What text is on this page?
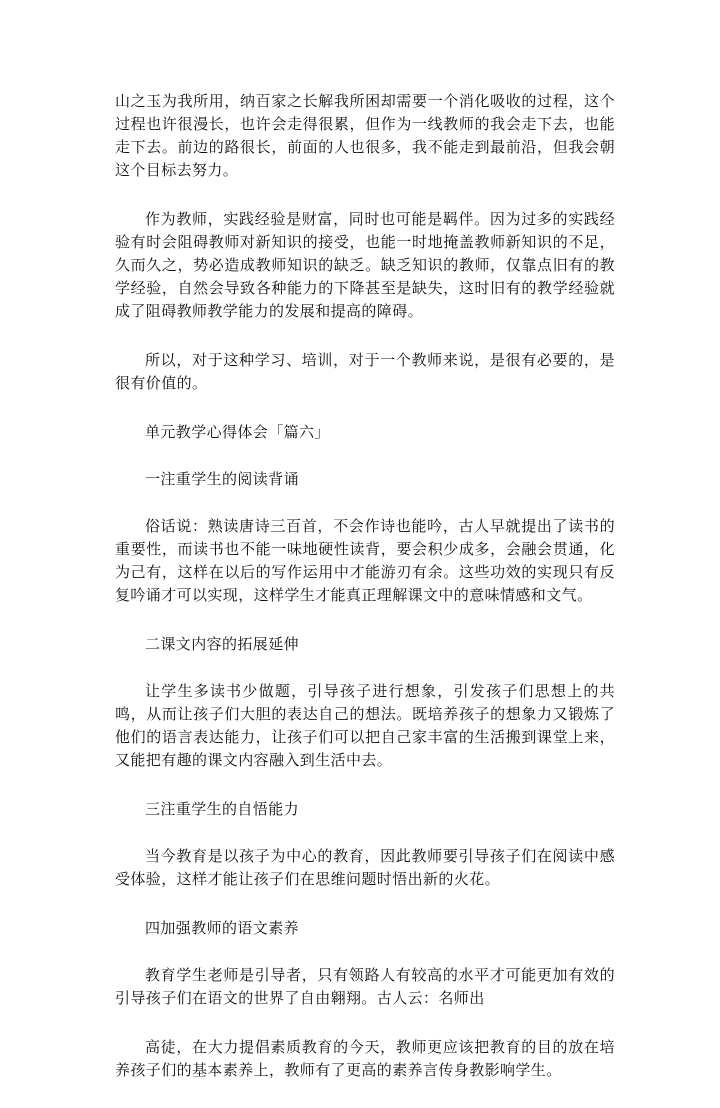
山之玉为我所用，纳百家之长解我所困却需要一个消化吸收的过程，这个过程也许很漫长，也许会走得很累，但作为一线教师的我会走下去，也能走下去。前边的路很长，前面的人也很多，我不能走到最前沿，但我会朝这个目标去努力。

作为教师，实践经验是财富，同时也可能是羁伴。因为过多的实践经验有时会阻碍教师对新知识的接受，也能一时地掩盖教师新知识的不足，久而久之，势必造成教师知识的缺乏。缺乏知识的教师，仅靠点旧有的教学经验，自然会导致各种能力的下降甚至是缺失，这时旧有的教学经验就成了阻碍教师教学能力的发展和提高的障碍。

所以，对于这种学习、培训，对于一个教师来说，是很有必要的，是很有价值的。

单元教学心得体会「篇六」

一注重学生的阅读背诵

俗话说：熟读唐诗三百首，不会作诗也能吟，古人早就提出了读书的重要性，而读书也不能一味地硬性读背，要会积少成多，会融会贯通，化为己有，这样在以后的写作运用中才能游刃有余。这些功效的实现只有反复吟诵才可以实现，这样学生才能真正理解课文中的意味情感和文气。

二课文内容的拓展延伸

让学生多读书少做题，引导孩子进行想象，引发孩子们思想上的共鸣，从而让孩子们大胆的表达自己的想法。既培养孩子的想象力又锻炼了他们的语言表达能力，让孩子们可以把自己家丰富的生活搬到课堂上来，又能把有趣的课文内容融入到生活中去。

三注重学生的自悟能力

当今教育是以孩子为中心的教育，因此教师要引导孩子们在阅读中感受体验，这样才能让孩子们在思维问题时悟出新的火花。

四加强教师的语文素养

教育学生老师是引导者，只有领路人有较高的水平才可能更加有效的引导孩子们在语文的世界了自由翱翔。古人云：名师出

高徒，在大力提倡素质教育的今天，教师更应该把教育的目的放在培养孩子们的基本素养上，教师有了更高的素养言传身教影响学生。
